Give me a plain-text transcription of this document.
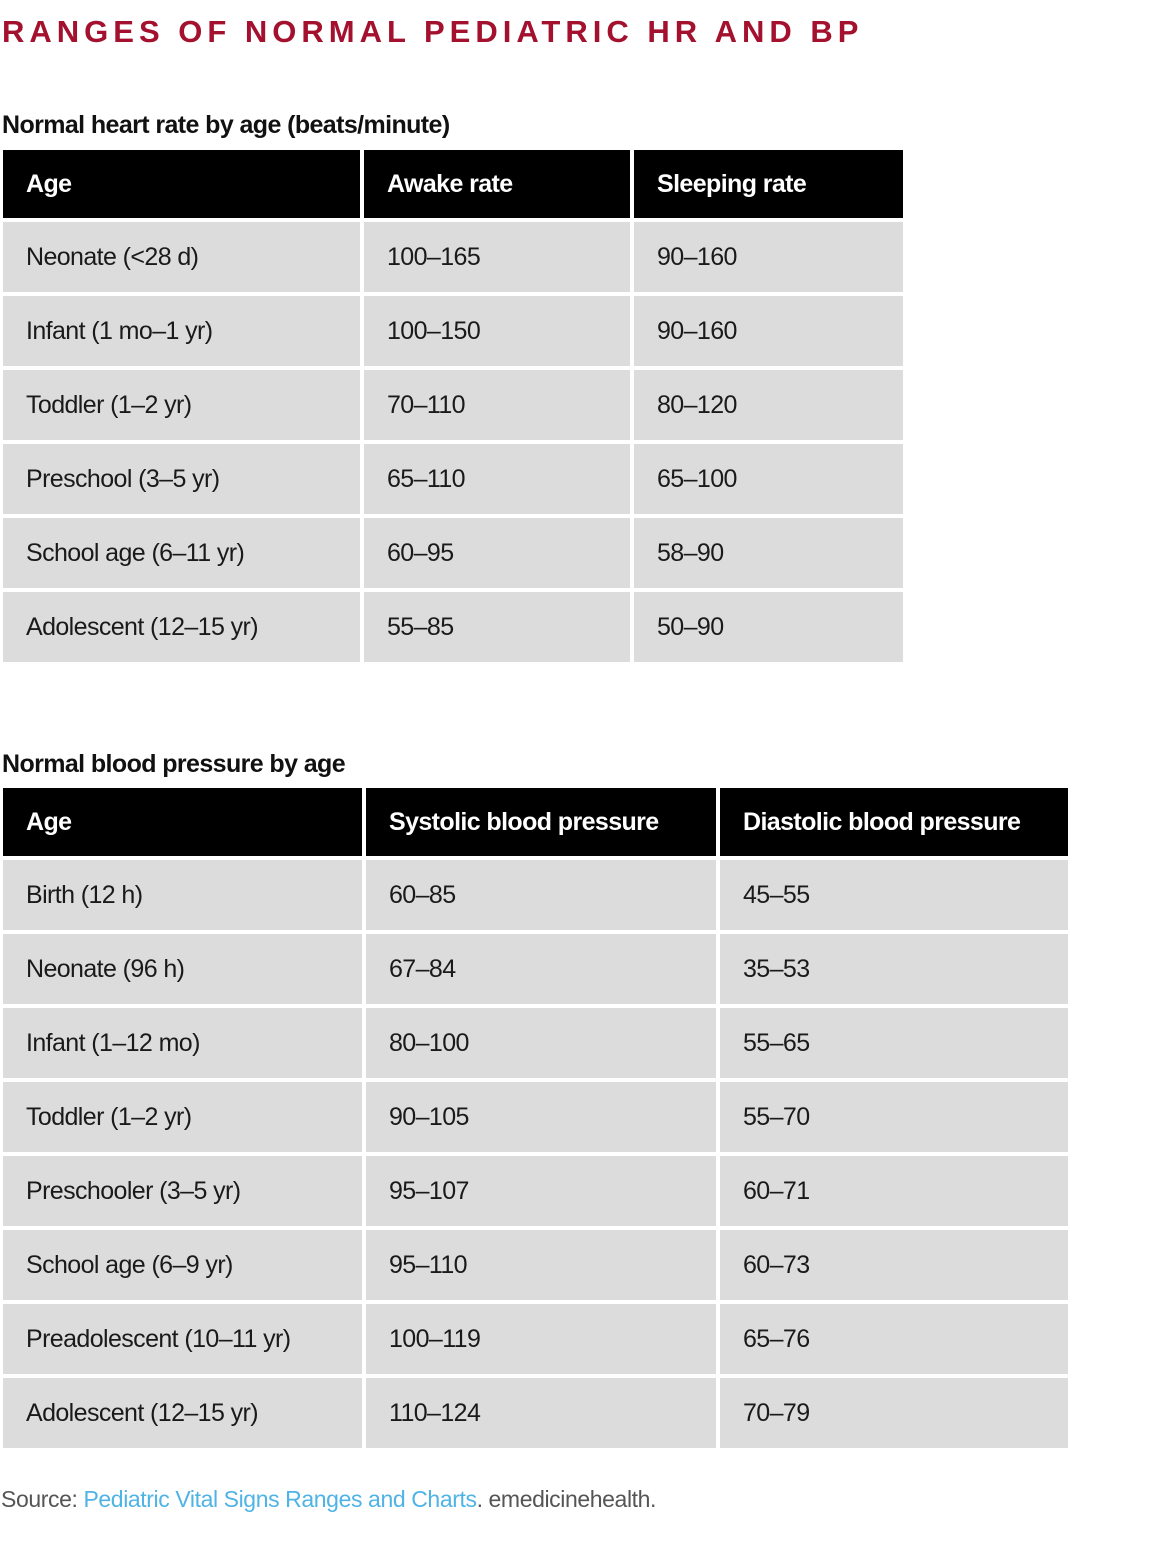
RANGES OF NORMAL PEDIATRIC HR AND BP
Normal heart rate by age (beats/minute)
Age	Awake rate	Sleeping rate
Neonate (<28 d)	100–165	90–160
Infant (1 mo–1 yr)	100–150	90–160
Toddler (1–2 yr)	70–110	80–120
Preschool (3–5 yr)	65–110	65–100
School age (6–11 yr)	60–95	58–90
Adolescent (12–15 yr)	55–85	50–90
Normal blood pressure by age
Age	Systolic blood pressure	Diastolic blood pressure
Birth (12 h)	60–85	45–55
Neonate (96 h)	67–84	35–53
Infant (1–12 mo)	80–100	55–65
Toddler (1–2 yr)	90–105	55–70
Preschooler (3–5 yr)	95–107	60–71
School age (6–9 yr)	95–110	60–73
Preadolescent (10–11 yr)	100–119	65–76
Adolescent (12–15 yr)	110–124	70–79
Source: Pediatric Vital Signs Ranges and Charts. emedicinehealth.
